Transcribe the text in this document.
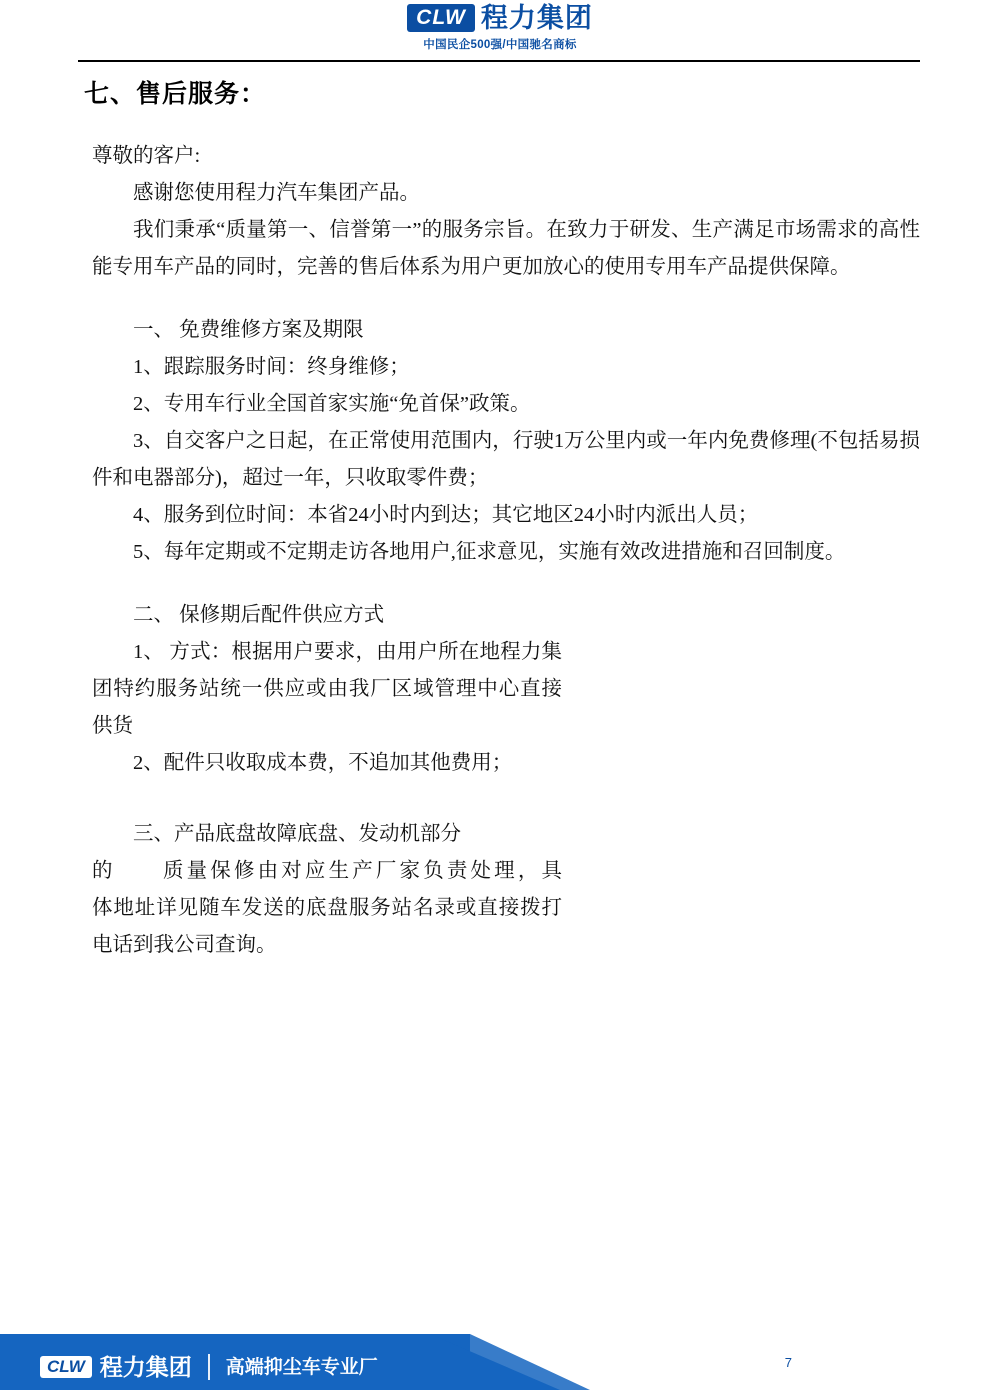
CLW 程力集团
中国民企500强/中国驰名商标
七、售后服务：

尊敬的客户:

感谢您使用程力汽车集团产品。

我们秉承“质量第一、信誉第一”的服务宗旨。在致力于研发、生产满足市场需求的高性能专用车产品的同时，完善的售后体系为用户更加放心的使用专用车产品提供保障。

一、 免费维修方案及期限

1、跟踪服务时间：终身维修；

2、专用车行业全国首家实施“免首保”政策。

3、自交客户之日起，在正常使用范围内，行驶1万公里内或一年内免费修理(不包括易损件和电器部分)，超过一年，只收取零件费；

4、服务到位时间：本省24小时内到达；其它地区24小时内派出人员；

5、每年定期或不定期走访各地用户,征求意见，实施有效改进措施和召回制度。

二、 保修期后配件供应方式

1、 方式：根据用户要求，由用户所在地程力集团特约服务站统一供应或由我厂区域管理中心直接供货

2、配件只收取成本费，不追加其他费用；

三、产品底盘故障底盘、发动机部分

的　　质量保修由对应生产厂家负责处理，具　　体地址详见随车发送的底盘服务站名录或直接拨打电话到我公司查询。

CLW 程力集团 高端抑尘车专业厂	7
